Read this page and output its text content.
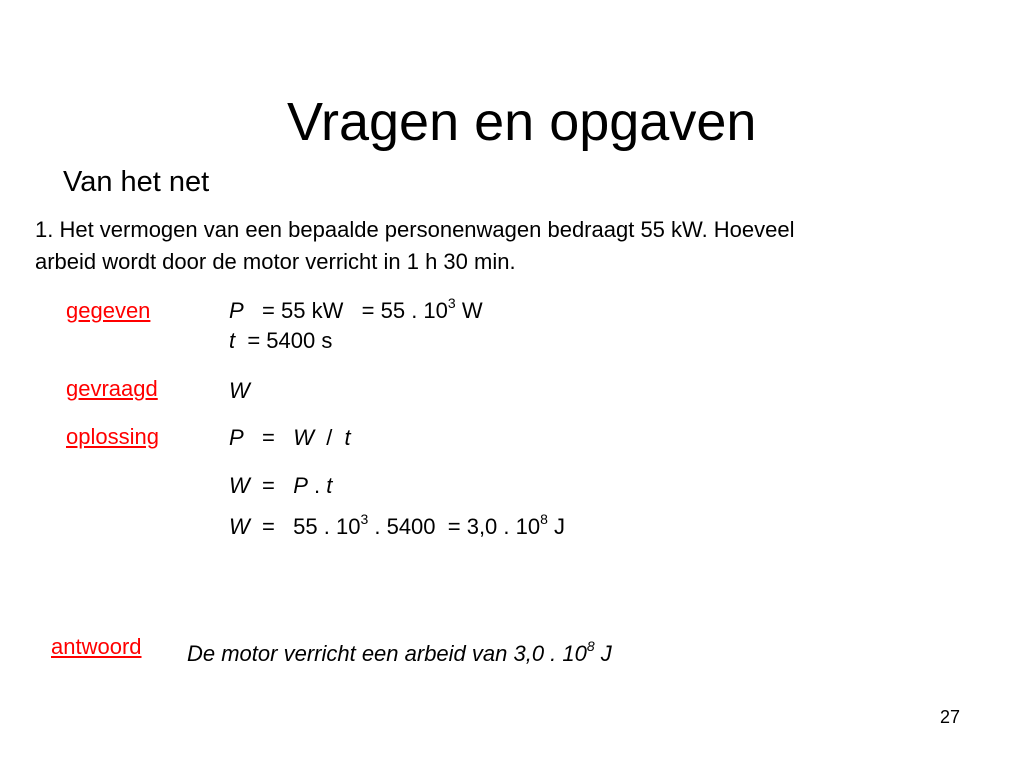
Vragen en opgaven
Van het net
1. Het vermogen van een bepaalde personenwagen bedraagt 55 kW. Hoeveel
arbeid wordt door de motor verricht in 1 h 30 min.
gegeven	P   = 55 kW   = 55 . $10^3$ W
t  = 5400 s
gevraagd	W
oplossing	P   =   W  /  t
W  =   P . t
W  =   55 . $10^3$ . 5400  = 3,0 . $10^8$ J
antwoord De motor verricht een arbeid van 3,0 . $10^8$ J
27
